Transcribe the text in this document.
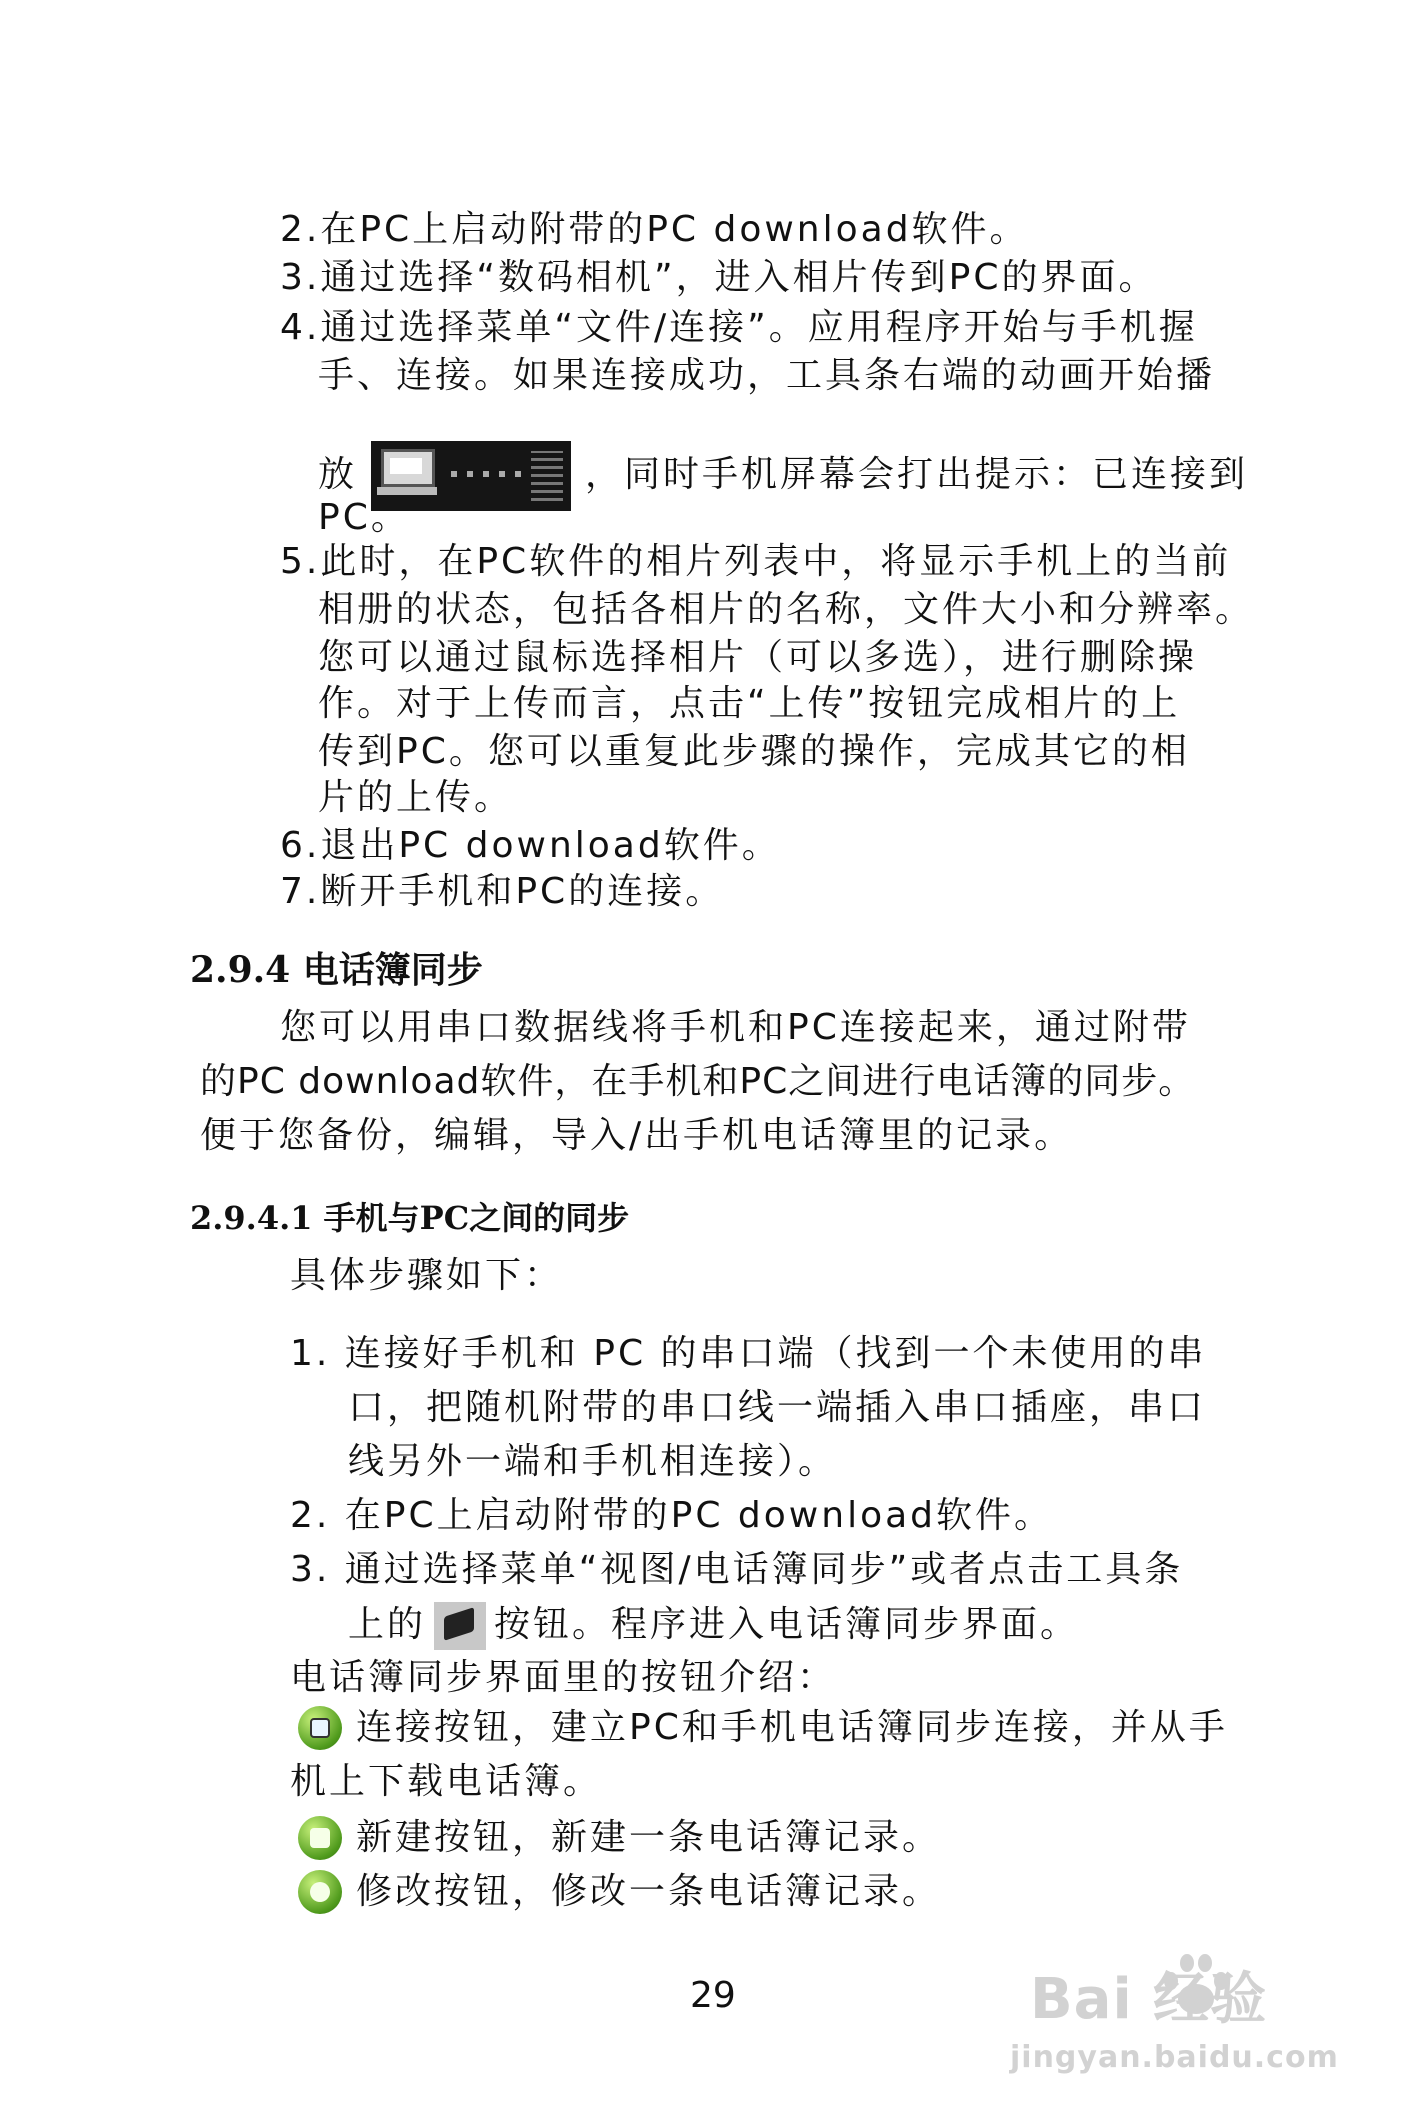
2.在PC上启动附带的PC download软件。
3.通过选择“数码相机”，进入相片传到PC的界面。
4.通过选择菜单“文件/连接”。应用程序开始与手机握
手、连接。如果连接成功，工具条右端的动画开始播
放	，同时手机屏幕会打出提示：已连接到
PC。
5.此时，在PC软件的相片列表中，将显示手机上的当前
相册的状态，包括各相片的名称，文件大小和分辨率。
您可以通过鼠标选择相片（可以多选），进行删除操
作。对于上传而言，点击“上传”按钮完成相片的上
传到PC。您可以重复此步骤的操作，完成其它的相
片的上传。
6.退出PC download软件。
7.断开手机和PC的连接。
2.9.4 电话簿同步
您可以用串口数据线将手机和PC连接起来，通过附带
的PC download软件，在手机和PC之间进行电话簿的同步。
便于您备份，编辑，导入/出手机电话簿里的记录。
2.9.4.1 手机与PC之间的同步
具体步骤如下：
1. 连接好手机和 PC 的串口端（找到一个未使用的串
口，把随机附带的串口线一端插入串口插座，串口
线另外一端和手机相连接）。
2. 在PC上启动附带的PC download软件。
3. 通过选择菜单“视图/电话簿同步”或者点击工具条
上的 按钮。程序进入电话簿同步界面。
电话簿同步界面里的按钮介绍：
连接按钮，建立PC和手机电话簿同步连接，并从手
机上下载电话簿。
新建按钮，新建一条电话簿记录。
修改按钮，修改一条电话簿记录。
29	Bai 经验
jingyan.baidu.com
